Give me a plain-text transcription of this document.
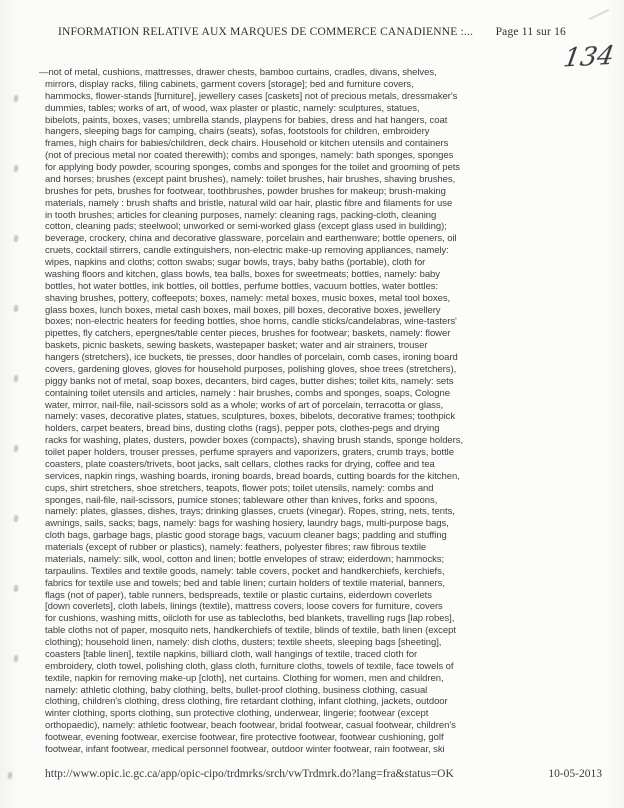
INFORMATION RELATIVE AUX MARQUES DE COMMERCE CANADIENNE :... Page 11 sur 16
134
—not of metal, cushions, mattresses, drawer chests, bamboo curtains, cradles, divans, shelves,
mirrors, display racks, filing cabinets, garment covers [storage]; bed and furniture covers,
hammocks, flower-stands [furniture], jewellery cases [caskets] not of precious metals, dressmaker's
dummies, tables; works of art, of wood, wax plaster or plastic, namely: sculptures, statues,
bibelots, paints, boxes, vases; umbrella stands, playpens for babies, dress and hat hangers, coat
hangers, sleeping bags for camping, chairs (seats), sofas, footstools for children, embroidery
frames, high chairs for babies/children, deck chairs. Household or kitchen utensils and containers
(not of precious metal nor coated therewith); combs and sponges, namely: bath sponges, sponges
for applying body powder, scouring sponges, combs and sponges for the toilet and grooming of pets
and horses; brushes (except paint brushes), namely: toilet brushes, hair brushes, shaving brushes,
brushes for pets, brushes for footwear, toothbrushes, powder brushes for makeup; brush-making
materials, namely : brush shafts and bristle, natural wild oar hair, plastic fibre and filaments for use
in tooth brushes; articles for cleaning purposes, namely: cleaning rags, packing-cloth, cleaning
cotton, cleaning pads; steelwool; unworked or semi-worked glass (except glass used in building);
beverage, crockery, china and decorative glassware, porcelain and earthenware; bottle openers, oil
cruets, cocktail stirrers, candle extinguishers, non-electric make-up removing appliances, namely:
wipes, napkins and cloths; cotton swabs; sugar bowls, trays, baby baths (portable), cloth for
washing floors and kitchen, glass bowls, tea balls, boxes for sweetmeats; bottles, namely: baby
bottles, hot water bottles, ink bottles, oil bottles, perfume bottles, vacuum bottles, water bottles:
shaving brushes, pottery, coffeepots; boxes, namely: metal boxes, music boxes, metal tool boxes,
glass boxes, lunch boxes, metal cash boxes, mail boxes, pill boxes, decorative boxes, jewellery
boxes; non-electric heaters for feeding bottles, shoe horns, candle sticks/candelabras, wine-tasters'
pipettes, fly catchers, epergnes/table center pieces, brushes for footwear; baskets, namely: flower
baskets, picnic baskets, sewing baskets, wastepaper basket; water and air strainers, trouser
hangers (stretchers), ice buckets, tie presses, door handles of porcelain, comb cases, ironing board
covers, gardening gloves, gloves for household purposes, polishing gloves, shoe trees (stretchers),
piggy banks not of metal, soap boxes, decanters, bird cages, butter dishes; toilet kits, namely: sets
containing toilet utensils and articles, namely : hair brushes, combs and sponges, soaps, Cologne
water, mirror, nail-file, nail-scissors sold as a whole; works of art of porcelain, terracotta or glass,
namely: vases, decorative plates, statues, sculptures, boxes, bibelots, decorative frames; toothpick
holders, carpet beaters, bread bins, dusting cloths (rags), pepper pots, clothes-pegs and drying
racks for washing, plates, dusters, powder boxes (compacts), shaving brush stands, sponge holders,
toilet paper holders, trouser presses, perfume sprayers and vaporizers, graters, crumb trays, bottle
coasters, plate coasters/trivets, boot jacks, salt cellars, clothes racks for drying, coffee and tea
services, napkin rings, washing boards, ironing boards, bread boards, cutting boards for the kitchen,
cups, shirt stretchers, shoe stretchers, teapots, flower pots; toilet utensils, namely: combs and
sponges, nail-file, nail-scissors, pumice stones; tableware other than knives, forks and spoons,
namely: plates, glasses, dishes, trays; drinking glasses, cruets (vinegar). Ropes, string, nets, tents,
awnings, sails, sacks; bags, namely: bags for washing hosiery, laundry bags, multi-purpose bags,
cloth bags, garbage bags, plastic good storage bags, vacuum cleaner bags; padding and stuffing
materials (except of rubber or plastics), namely: feathers, polyester fibres; raw fibrous textile
materials, namely: silk, wool, cotton and linen; bottle envelopes of straw; eiderdown; hammocks;
tarpaulins. Textiles and textile goods, namely: table covers, pocket and handkerchiefs, kerchiefs,
fabrics for textile use and towels; bed and table linen; curtain holders of textile material, banners,
flags (not of paper), table runners, bedspreads, textile or plastic curtains, eiderdown coverlets
[down coverlets], cloth labels, linings (textile), mattress covers, loose covers for furniture, covers
for cushions, washing mitts, oilcloth for use as tablecloths, bed blankets, travelling rugs [lap robes],
table cloths not of paper, mosquito nets, handkerchiefs of textile, blinds of textile, bath linen (except
clothing); household linen, namely: dish cloths, dusters; textile sheets, sleeping bags [sheeting],
coasters [table linen], textile napkins, billiard cloth, wall hangings of textile, traced cloth for
embroidery, cloth towel, polishing cloth, glass cloth, furniture cloths, towels of textile, face towels of
textile, napkin for removing make-up [cloth], net curtains. Clothing for women, men and children,
namely: athletic clothing, baby clothing, belts, bullet-proof clothing, business clothing, casual
clothing, children's clothing, dress clothing, fire retardant clothing, infant clothing, jackets, outdoor
winter clothing, sports clothing, sun protective clothing, underwear, lingerie; footwear (except
orthopaedic), namely: athletic footwear, beach footwear, bridal footwear, casual footwear, children's
footwear, evening footwear, exercise footwear, fire protective footwear, footwear cushioning, golf
footwear, infant footwear, medical personnel footwear, outdoor winter footwear, rain footwear, ski
http://www.opic.ic.gc.ca/app/opic-cipo/trdmrks/srch/vwTrdmrk.do?lang=fra&status=OK	10-05-2013
